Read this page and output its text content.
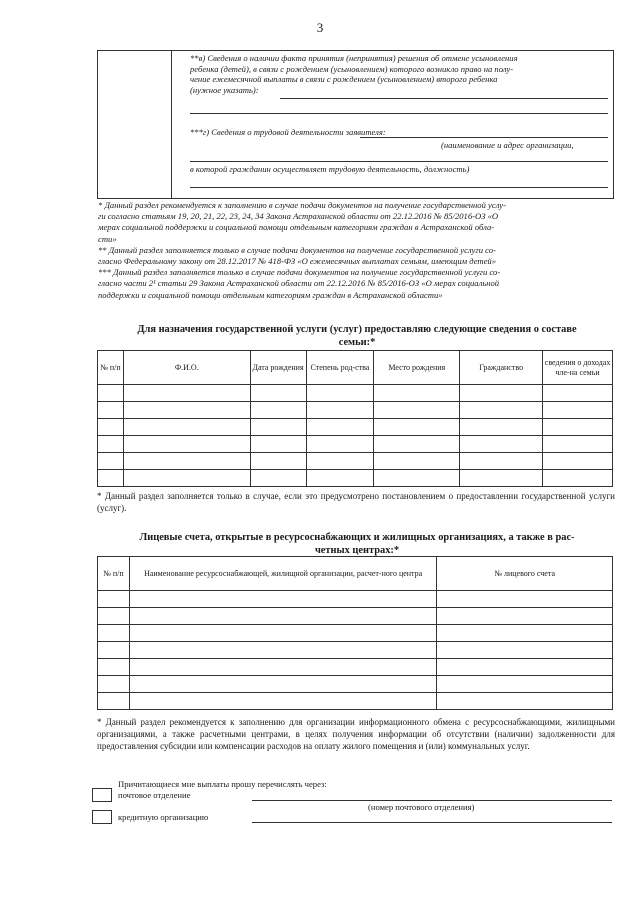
3
**в) Сведения о наличии факта принятия (непринятия) решения об отмене усыновления
ребенка (детей), в связи с рождением (усыновлением) которого возникло право на полу-
чение ежемесячной выплаты в связи с рождением (усыновлением) второго ребенка
(нужное указать):
***г) Сведения о трудовой деятельности заявителя:
(наименование и адрес организации,
в которой гражданин осуществляет трудовую деятельность, должность)
* Данный раздел рекомендуется к заполнению в случае подачи документов на получение государственной услу-
ги согласно статьям 19, 20, 21, 22, 23, 24, 34 Закона Астраханской области от 22.12.2016 № 85/2016-ОЗ «О
мерах социальной поддержки и социальной помощи отдельным категориям граждан в Астраханской обла-
сти»
** Данный раздел заполняется только в случае подачи документов на получение государственной услуги со-
гласно Федеральному закону от 28.12.2017 № 418-ФЗ «О ежемесячных выплатах семьям, имеющим детей»
*** Данный раздел заполняется только в случае подачи документов на получение государственной услуги со-
гласно части 2¹ статьи 29 Закона Астраханской области от 22.12.2016 № 85/2016-ОЗ «О мерах социальной
поддержки и социальной помощи отдельным категориям граждан в Астраханской области»
Для назначения государственной услуги (услуг) предоставляю следующие сведения о составе
семьи:*
№ п/п	Ф.И.О.	Дата рождения	Степень род-ства	Место рождения	Гражданство	сведения о доходах чле-на семьи

* Данный раздел заполняется только в случае, если это предусмотрено постановлением о предоставлении государственной услуги (услуг).
Лицевые счета, открытые в ресурсоснабжающих и жилищных организациях, а также в рас-
четных центрах:*
№ п/п	Наименование ресурсоснабжающей, жилищной организации, расчет-ного центра	№ лицевого счета

* Данный раздел рекомендуется к заполнению для организации информационного обмена с ресурсоснабжающими, жилищными организациями, а также расчетными центрами, в целях получения информации об отсутствии (наличии) задолженности для предоставления субсидии или компенсации расходов на оплату жилого помещения и (или) коммунальных услуг.
Причитающиеся мне выплаты прошу перечислять через:
почтовое отделение
(номер почтового отделения)
кредитную организацию
